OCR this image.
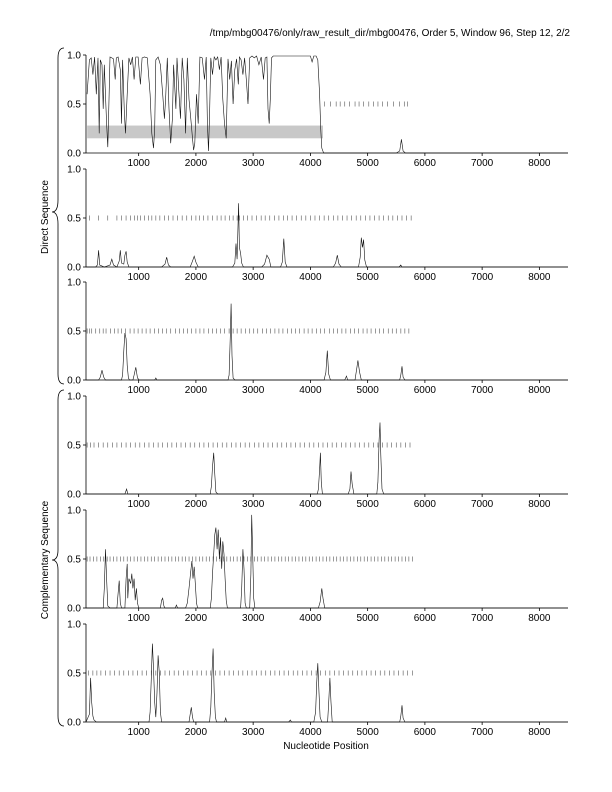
/tmp/mbg00476/only/raw_result_dir/mbg00476, Order 5, Window 96, Step 12, 2/2
0.0
0.5
1.0
1000	2000	3000	4000	5000	6000	7000	8000
0.0
0.5
1.0
1000	2000	3000	4000	5000	6000	7000	8000
0.0
0.5
1.0
1000	2000	3000	4000	5000	6000	7000	8000
0.0
0.5
1.0
1000	2000	3000	4000	5000	6000	7000	8000
0.0
0.5
1.0
1000	2000	3000	4000	5000	6000	7000	8000
0.0
0.5
1.0
1000	2000	3000	4000	5000	6000	7000	8000
Direct Sequence
Complementary Sequence
Nucleotide Position
